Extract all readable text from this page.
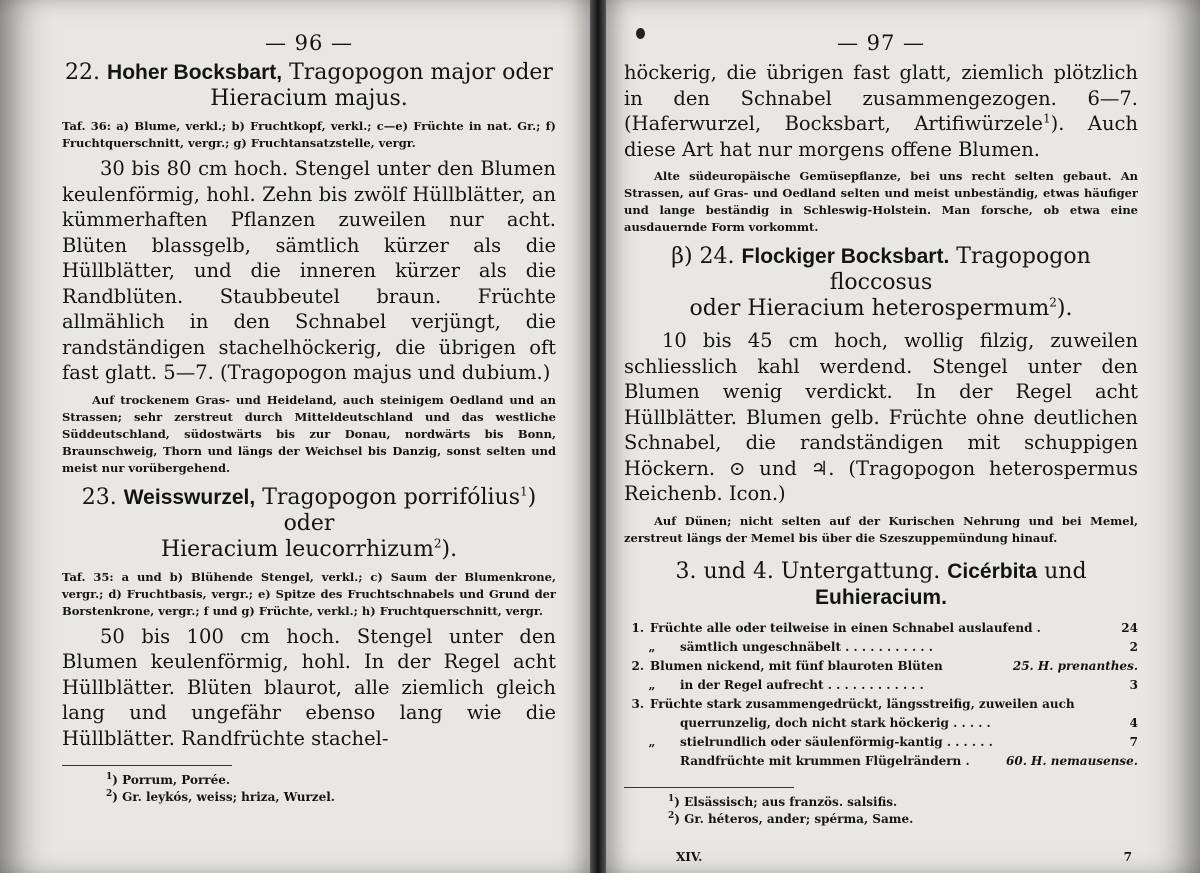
— 96 —
22. Hoher Bocksbart, Tragopogon major oder
Hieracium majus.

Taf. 36: a) Blume, verkl.; b) Fruchtkopf, verkl.; c—e) Früchte in nat. Gr.; f) Fruchtquerschnitt, vergr.; g) Fruchtansatzstelle, vergr.

30 bis 80 cm hoch. Stengel unter den Blumen keulenförmig, hohl. Zehn bis zwölf Hüllblätter, an kümmerhaften Pflanzen zuweilen nur acht. Blüten blassgelb, sämtlich kürzer als die Hüllblätter, und die inneren kürzer als die Randblüten. Staubbeutel braun. Früchte allmählich in den Schnabel verjüngt, die randständigen stachelhöckerig, die übrigen oft fast glatt. 5—7. (Tragopogon majus und dubium.)

Auf trockenem Gras- und Heideland, auch steinigem Oedland und an Strassen; sehr zerstreut durch Mitteldeutschland und das westliche Süddeutschland, südostwärts bis zur Donau, nordwärts bis Bonn, Braunschweig, Thorn und längs der Weichsel bis Danzig, sonst selten und meist nur vorübergehend.

23. Weisswurzel, Tragopogon porrifólius$^1$) oder
Hieracium leucorrhizum$^2$).

Taf. 35: a und b) Blühende Stengel, verkl.; c) Saum der Blumenkrone, vergr.; d) Fruchtbasis, vergr.; e) Spitze des Fruchtschnabels und Grund der Borstenkrone, vergr.; f und g) Früchte, verkl.; h) Fruchtquerschnitt, vergr.

50 bis 100 cm hoch. Stengel unter den Blumen keulenförmig, hohl. In der Regel acht Hüllblätter. Blüten blaurot, alle ziemlich gleich lang und ungefähr ebenso lang wie die Hüllblätter. Randfrüchte stachel-

$^1$) Porrum, Porrée.
$^2$) Gr. leykós, weiss; hriza, Wurzel.
— 97 —

höckerig, die übrigen fast glatt, ziemlich plötzlich in den Schnabel zusammengezogen. 6—7. (Haferwurzel, Bocksbart, Artifiwürzele$^1$). Auch diese Art hat nur morgens offene Blumen.

Alte südeuropäische Gemüsepflanze, bei uns recht selten gebaut. An Strassen, auf Gras- und Oedland selten und meist unbeständig, etwas häufiger und lange beständig in Schleswig-Holstein. Man forsche, ob etwa eine ausdauernde Form vorkommt.

β) 24. Flockiger Bocksbart. Tragopogon floccosus
oder Hieracium heterospermum$^2$).

10 bis 45 cm hoch, wollig filzig, zuweilen schliesslich kahl werdend. Stengel unter den Blumen wenig verdickt. In der Regel acht Hüllblätter. Blumen gelb. Früchte ohne deutlichen Schnabel, die randständigen mit schuppigen Höckern. ⊙ und ♃. (Tragopogon heterospermus Reichenb. Icon.)

Auf Dünen; nicht selten auf der Kurischen Nehrung und bei Memel, zerstreut längs der Memel bis über die Szeszuppemündung hinauf.

3. und 4. Untergattung. Cicérbita und
Euhieracium.
1. Früchte alle oder teilweise in einen Schnabel auslaufend .	24
„	sämtlich ungeschnäbelt . . . . . . . . . . .	2
2. Blumen nickend, mit fünf blauroten Blüten	25. H. prenanthes.
„	in der Regel aufrecht . . . . . . . . . . . .	3
3. Früchte stark zusammengedrückt, längsstreifig, zuweilen auch
querrunzelig, doch nicht stark höckerig . . . . .	4
„	stielrundlich oder säulenförmig-kantig . . . . . .	7
Randfrüchte mit krummen Flügelrändern .	60. H. nemausense.
$^1$) Elsässisch; aus französ. salsifis.
$^2$) Gr. héteros, ander; spérma, Same.
XIV.	7
